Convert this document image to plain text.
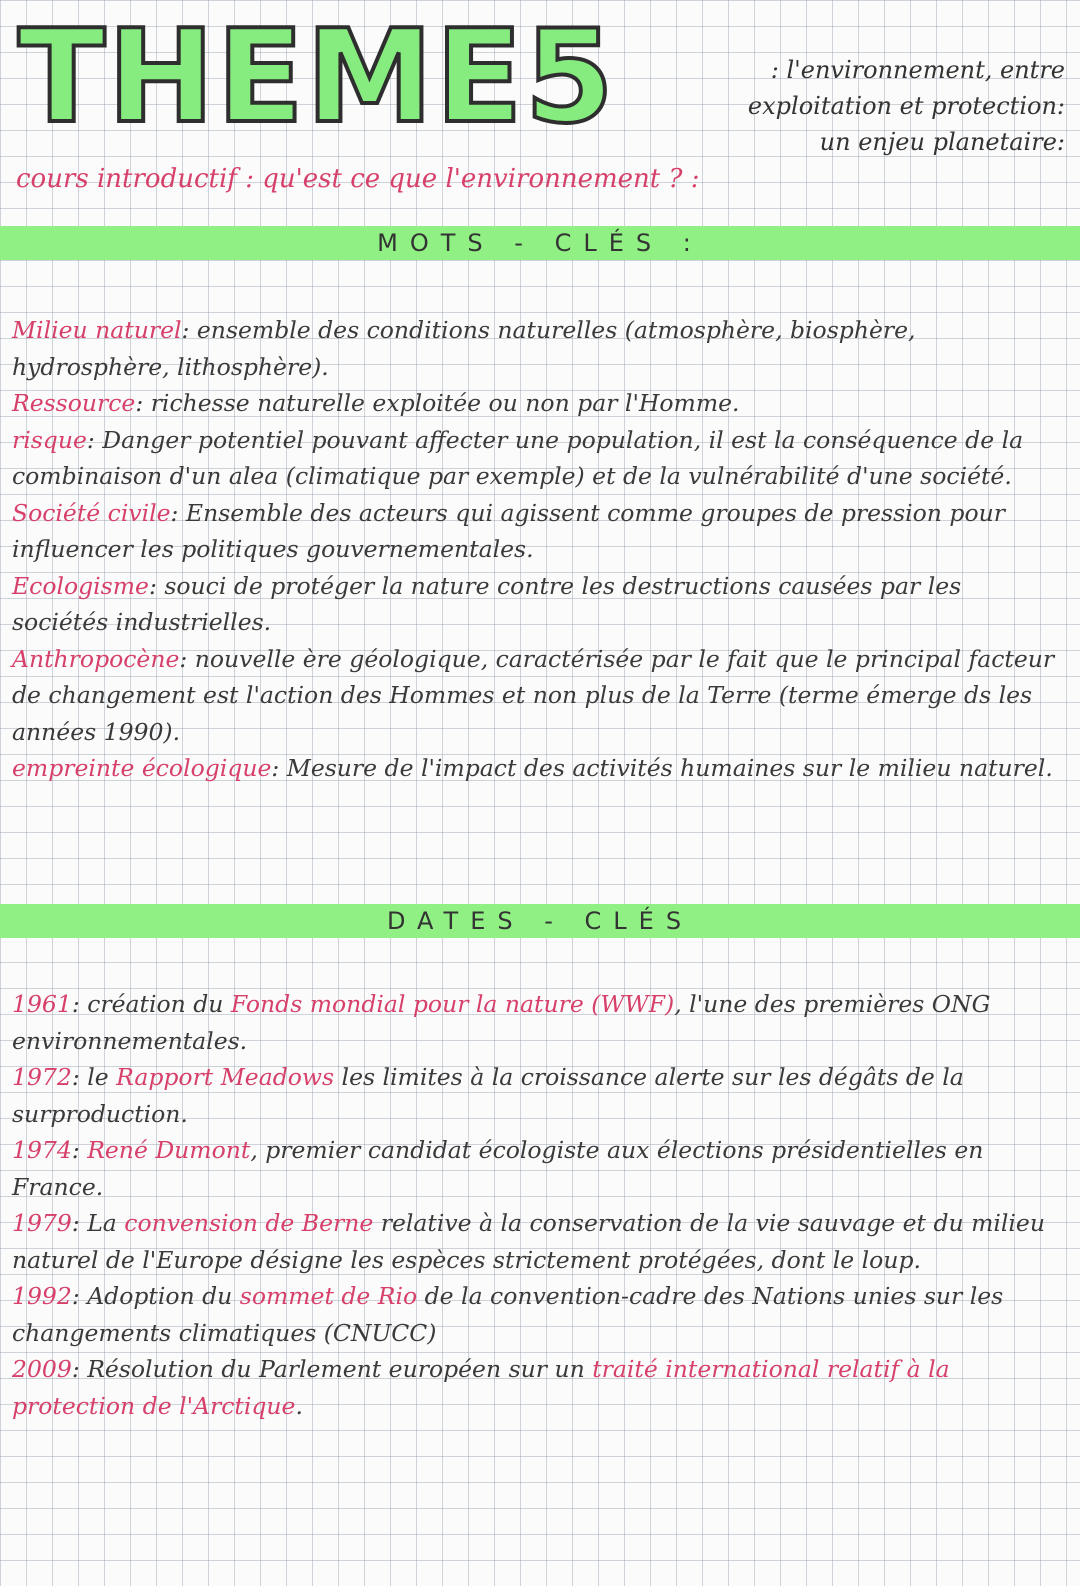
THEME5	: l'environnement, entre
exploitation et protection:
un enjeu planetaire:
cours introductif : qu'est ce que l'environnement ? :
MOTS - CLÉS :
Milieu naturel: ensemble des conditions naturelles (atmosphère, biosphère, hydrosphère, lithosphère).
Ressource: richesse naturelle exploitée ou non par l'Homme.
risque: Danger potentiel pouvant affecter une population, il est la conséquence de la combinaison d'un alea (climatique par exemple) et de la vulnérabilité d'une société.
Société civile: Ensemble des acteurs qui agissent comme groupes de pression pour influencer les politiques gouvernementales.
Ecologisme: souci de protéger la nature contre les destructions causées par les sociétés industrielles.
Anthropocène: nouvelle ère géologique, caractérisée par le fait que le principal facteur de changement est l'action des Hommes et non plus de la Terre (terme émerge ds les années 1990).
empreinte écologique: Mesure de l'impact des activités humaines sur le milieu naturel.
DATES - CLÉS
1961: création du Fonds mondial pour la nature (WWF), l'une des premières ONG environnementales.
1972: le Rapport Meadows les limites à la croissance alerte sur les dégâts de la surproduction.
1974: René Dumont, premier candidat écologiste aux élections présidentielles en France.
1979: La convension de Berne relative à la conservation de la vie sauvage et du milieu naturel de l'Europe désigne les espèces strictement protégées, dont le loup.
1992: Adoption du sommet de Rio de la convention-cadre des Nations unies sur les changements climatiques (CNUCC)
2009: Résolution du Parlement européen sur un traité international relatif à la protection de l'Arctique.
